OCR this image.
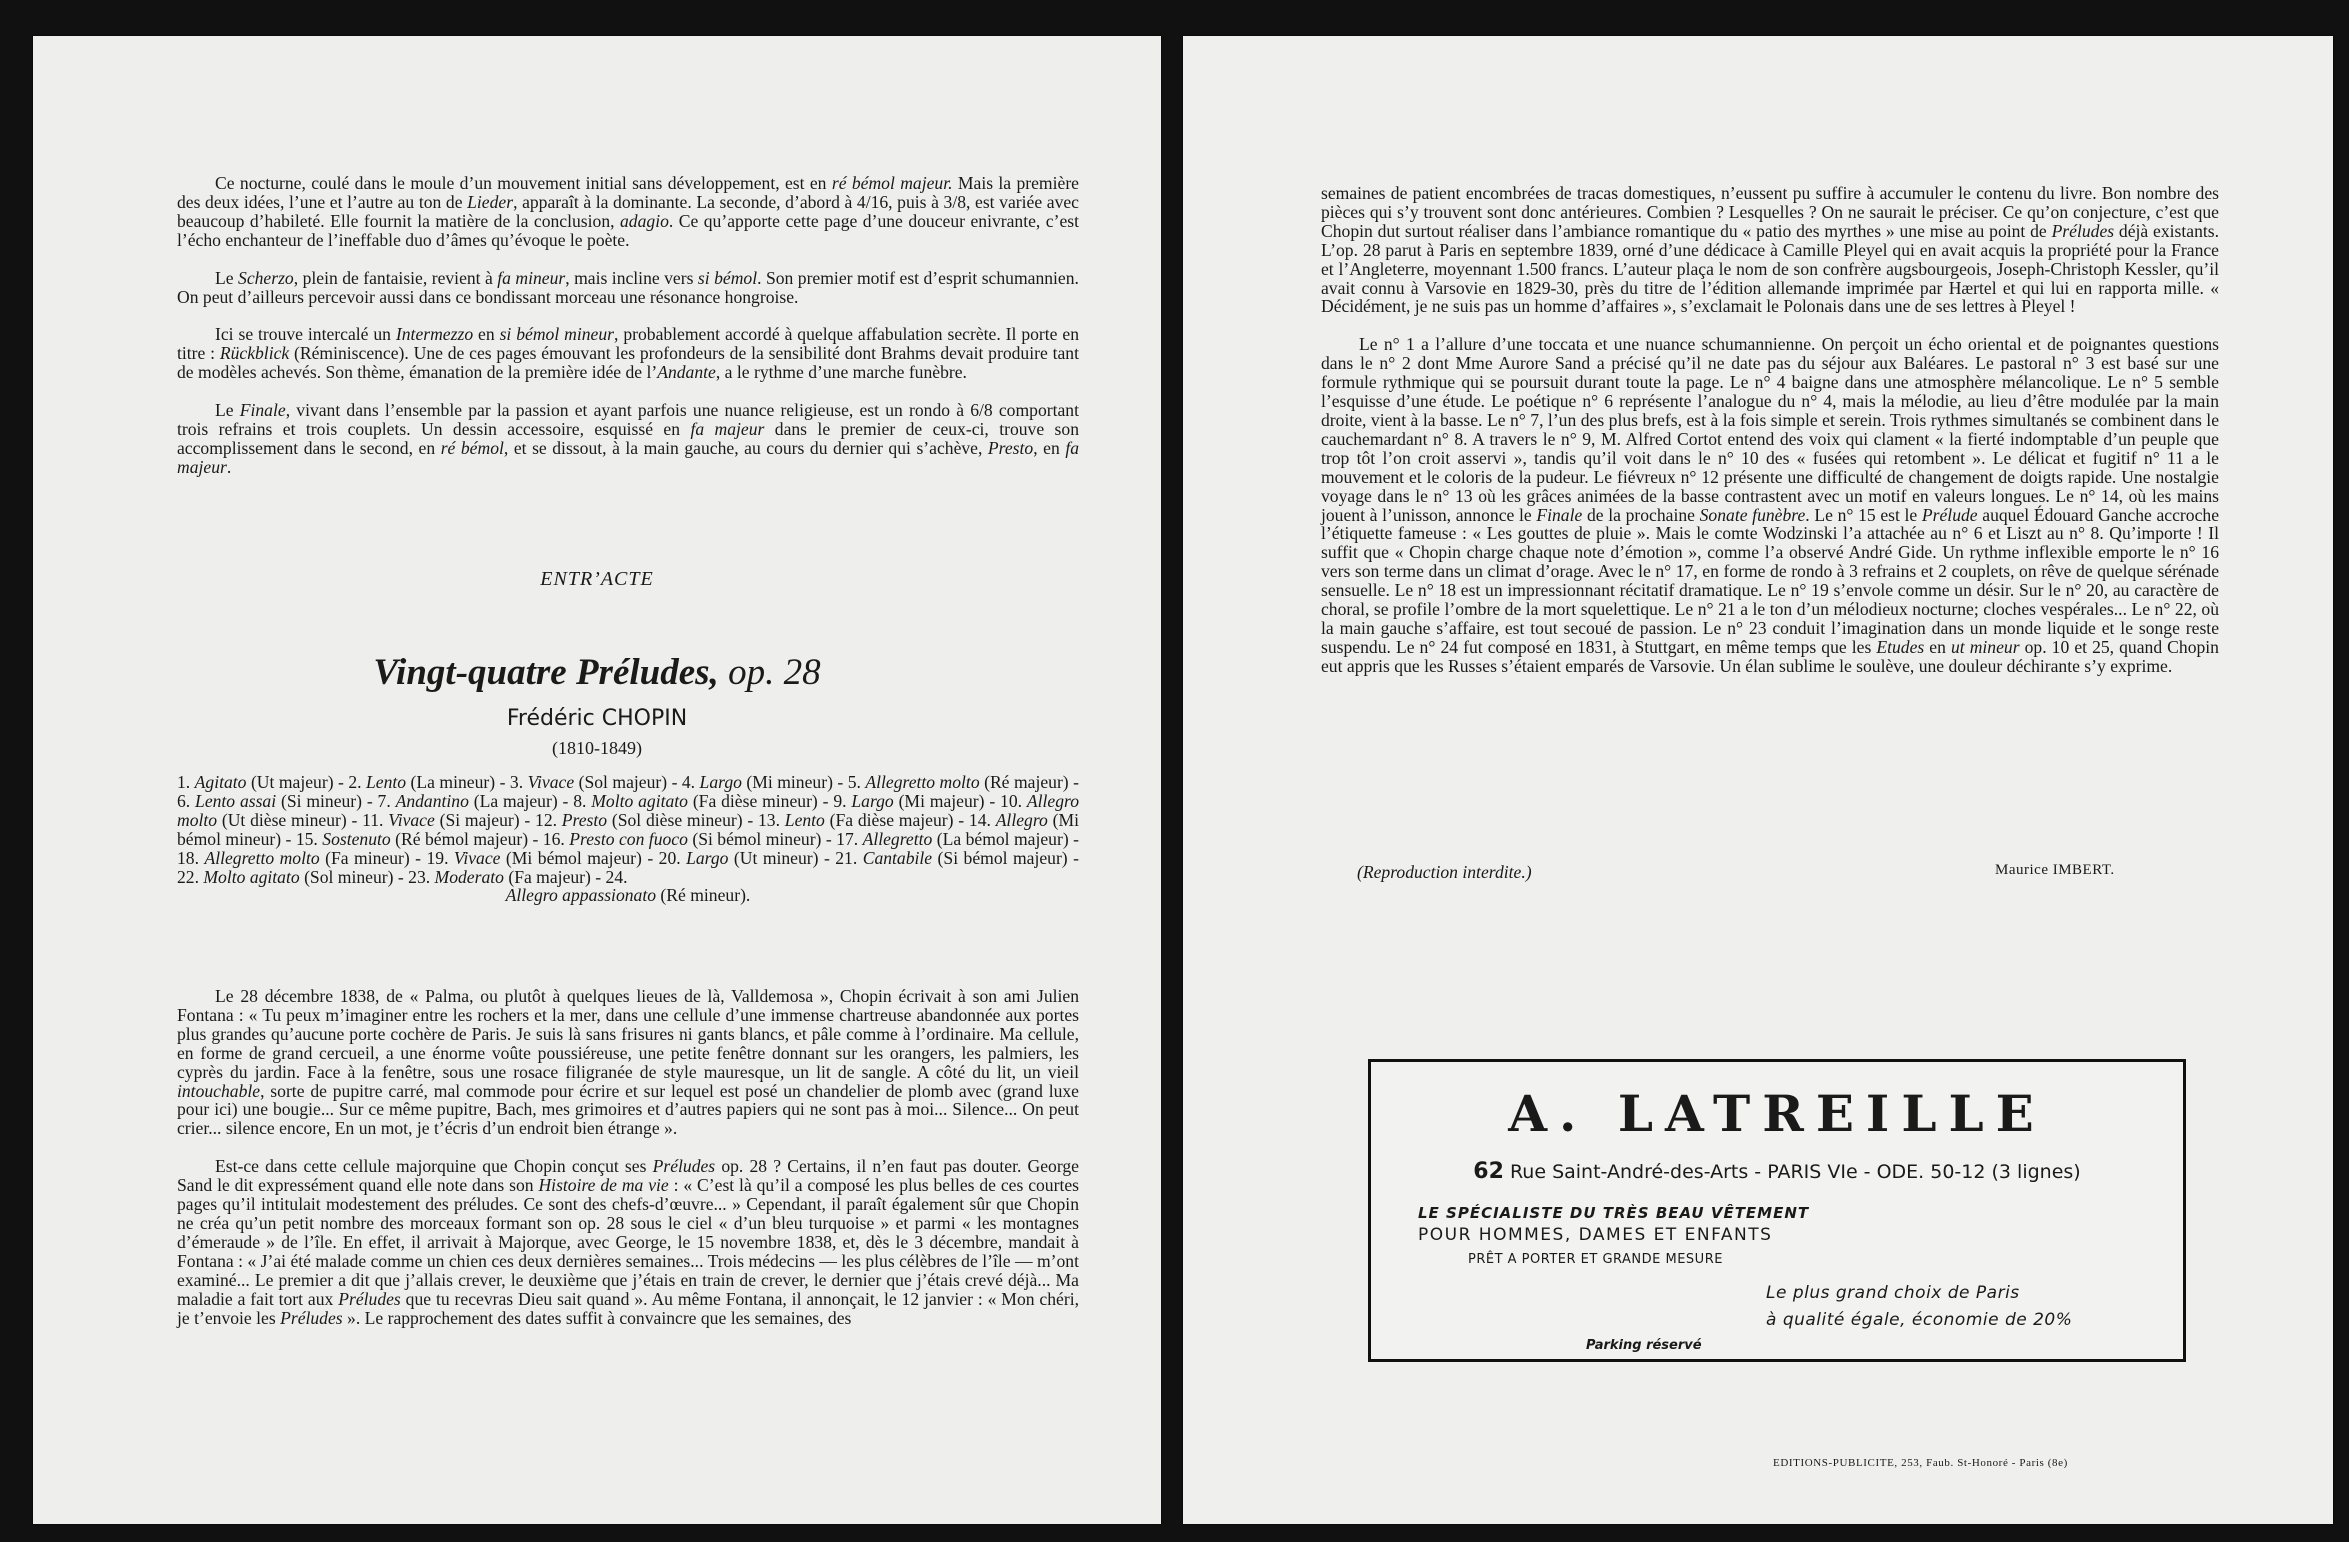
Ce nocturne, coulé dans le moule d’un mouvement initial sans développement, est en ré bémol majeur. Mais la première des deux idées, l’une et l’autre au ton de Lieder, apparaît à la dominante. La seconde, d’abord à 4/16, puis à 3/8, est variée avec beaucoup d’habileté. Elle fournit la matière de la conclusion, adagio. Ce qu’apporte cette page d’une douceur enivrante, c’est l’écho enchanteur de l’ineffable duo d’âmes qu’évoque le poète.

Le Scherzo, plein de fantaisie, revient à fa mineur, mais incline vers si bémol. Son premier motif est d’esprit schumannien. On peut d’ailleurs percevoir aussi dans ce bondissant morceau une résonance hongroise.

Ici se trouve intercalé un Intermezzo en si bémol mineur, probablement accordé à quelque affabulation secrète. Il porte en titre : Rückblick (Réminiscence). Une de ces pages émouvant les profondeurs de la sensibilité dont Brahms devait produire tant de modèles achevés. Son thème, émanation de la première idée de l’Andante, a le rythme d’une marche funèbre.

Le Finale, vivant dans l’ensemble par la passion et ayant parfois une nuance religieuse, est un rondo à 6/8 comportant trois refrains et trois couplets. Un dessin accessoire, esquissé en fa majeur dans le premier de ceux-ci, trouve son accomplissement dans le second, en ré bémol, et se dissout, à la main gauche, au cours du dernier qui s’achève, Presto, en fa majeur.

ENTR’ACTE
Vingt-quatre Préludes, op. 28
Frédéric CHOPIN
(1810-1849)
1. Agitato (Ut majeur) - 2. Lento (La mineur) - 3. Vivace (Sol majeur) - 4. Largo (Mi mineur) - 5. Allegretto molto (Ré majeur) - 6. Lento assai (Si mineur) - 7. Andantino (La majeur) - 8. Molto agitato (Fa dièse mineur) - 9. Largo (Mi majeur) - 10. Allegro molto (Ut dièse mineur) - 11. Vivace (Si majeur) - 12. Presto (Sol dièse mineur) - 13. Lento (Fa dièse majeur) - 14. Allegro (Mi bémol mineur) - 15. Sostenuto (Ré bémol majeur) - 16. Presto con fuoco (Si bémol mineur) - 17. Allegretto (La bémol majeur) - 18. Allegretto molto (Fa mineur) - 19. Vivace (Mi bémol majeur) - 20. Largo (Ut mineur) - 21. Cantabile (Si bémol majeur) - 22. Molto agitato (Sol mineur) - 23. Moderato (Fa majeur) - 24.
Allegro appassionato (Ré mineur).

Le 28 décembre 1838, de « Palma, ou plutôt à quelques lieues de là, Valldemosa », Chopin écrivait à son ami Julien Fontana : « Tu peux m’imaginer entre les rochers et la mer, dans une cellule d’une immense chartreuse abandonnée aux portes plus grandes qu’aucune porte cochère de Paris. Je suis là sans frisures ni gants blancs, et pâle comme à l’ordinaire. Ma cellule, en forme de grand cercueil, a une énorme voûte poussiéreuse, une petite fenêtre donnant sur les orangers, les palmiers, les cyprès du jardin. Face à la fenêtre, sous une rosace filigranée de style mauresque, un lit de sangle. A côté du lit, un vieil intouchable, sorte de pupitre carré, mal commode pour écrire et sur lequel est posé un chandelier de plomb avec (grand luxe pour ici) une bougie... Sur ce même pupitre, Bach, mes grimoires et d’autres papiers qui ne sont pas à moi... Silence... On peut crier... silence encore, En un mot, je t’écris d’un endroit bien étrange ».

Est-ce dans cette cellule majorquine que Chopin conçut ses Préludes op. 28 ? Certains, il n’en faut pas douter. George Sand le dit expressément quand elle note dans son Histoire de ma vie : « C’est là qu’il a composé les plus belles de ces courtes pages qu’il intitulait modestement des préludes. Ce sont des chefs-d’œuvre... » Cependant, il paraît également sûr que Chopin ne créa qu’un petit nombre des morceaux formant son op. 28 sous le ciel « d’un bleu turquoise » et parmi « les montagnes d’émeraude » de l’île. En effet, il arrivait à Majorque, avec George, le 15 novembre 1838, et, dès le 3 décembre, mandait à Fontana : « J’ai été malade comme un chien ces deux dernières semaines... Trois médecins — les plus célèbres de l’île — m’ont examiné... Le premier a dit que j’allais crever, le deuxième que j’étais en train de crever, le dernier que j’étais crevé déjà... Ma maladie a fait tort aux Préludes que tu recevras Dieu sait quand ». Au même Fontana, il annonçait, le 12 janvier : « Mon chéri, je t’envoie les Préludes ». Le rapprochement des dates suffit à convaincre que les semaines, des

semaines de patient encombrées de tracas domestiques, n’eussent pu suffire à accumuler le contenu du livre. Bon nombre des pièces qui s’y trouvent sont donc antérieures. Combien ? Lesquelles ? On ne saurait le préciser. Ce qu’on conjecture, c’est que Chopin dut surtout réaliser dans l’ambiance romantique du « patio des myrthes » une mise au point de Préludes déjà existants. L’op. 28 parut à Paris en septembre 1839, orné d’une dédicace à Camille Pleyel qui en avait acquis la propriété pour la France et l’Angleterre, moyennant 1.500 francs. L’auteur plaça le nom de son confrère augsbourgeois, Joseph-Christoph Kessler, qu’il avait connu à Varsovie en 1829-30, près du titre de l’édition allemande imprimée par Hærtel et qui lui en rapporta mille. « Décidément, je ne suis pas un homme d’affaires », s’exclamait le Polonais dans une de ses lettres à Pleyel !

Le n° 1 a l’allure d’une toccata et une nuance schumannienne. On perçoit un écho oriental et de poignantes questions dans le n° 2 dont Mme Aurore Sand a précisé qu’il ne date pas du séjour aux Baléares. Le pastoral n° 3 est basé sur une formule rythmique qui se poursuit durant toute la page. Le n° 4 baigne dans une atmosphère mélancolique. Le n° 5 semble l’esquisse d’une étude. Le poétique n° 6 représente l’analogue du n° 4, mais la mélodie, au lieu d’être modulée par la main droite, vient à la basse. Le n° 7, l’un des plus brefs, est à la fois simple et serein. Trois rythmes simultanés se combinent dans le cauchemardant n° 8. A travers le n° 9, M. Alfred Cortot entend des voix qui clament « la fierté indomptable d’un peuple que trop tôt l’on croit asservi », tandis qu’il voit dans le n° 10 des « fusées qui retombent ». Le délicat et fugitif n° 11 a le mouvement et le coloris de la pudeur. Le fiévreux n° 12 présente une difficulté de changement de doigts rapide. Une nostalgie voyage dans le n° 13 où les grâces animées de la basse contrastent avec un motif en valeurs longues. Le n° 14, où les mains jouent à l’unisson, annonce le Finale de la prochaine Sonate funèbre. Le n° 15 est le Prélude auquel Édouard Ganche accroche l’étiquette fameuse : « Les gouttes de pluie ». Mais le comte Wodzinski l’a attachée au n° 6 et Liszt au n° 8. Qu’importe ! Il suffit que « Chopin charge chaque note d’émotion », comme l’a observé André Gide. Un rythme inflexible emporte le n° 16 vers son terme dans un climat d’orage. Avec le n° 17, en forme de rondo à 3 refrains et 2 couplets, on rêve de quelque sérénade sensuelle. Le n° 18 est un impressionnant récitatif dramatique. Le n° 19 s’envole comme un désir. Sur le n° 20, au caractère de choral, se profile l’ombre de la mort squelettique. Le n° 21 a le ton d’un mélodieux nocturne; cloches vespérales... Le n° 22, où la main gauche s’affaire, est tout secoué de passion. Le n° 23 conduit l’imagination dans un monde liquide et le songe reste suspendu. Le n° 24 fut composé en 1831, à Stuttgart, en même temps que les Etudes en ut mineur op. 10 et 25, quand Chopin eut appris que les Russes s’étaient emparés de Varsovie. Un élan sublime le soulève, une douleur déchirante s’y exprime.

(Reproduction interdite.)	Maurice IMBERT.
A. LATREILLE
62 Rue Saint-André-des-Arts - PARIS VIe - ODE. 50-12 (3 lignes)
LE SPÉCIALISTE DU TRÈS BEAU VÊTEMENT
POUR HOMMES, DAMES ET ENFANTS
PRÊT A PORTER ET GRANDE MESURE
Le plus grand choix de Paris
à qualité égale, économie de 20%
Parking réservé
EDITIONS-PUBLICITE, 253, Faub. St-Honoré - Paris (8e)
